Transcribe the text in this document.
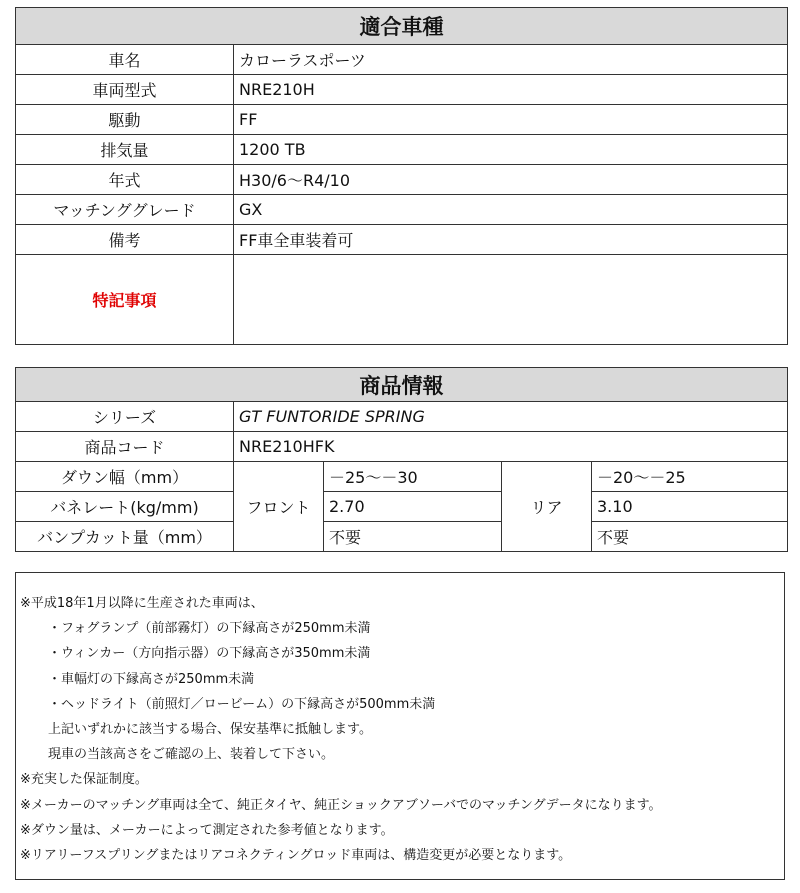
適合車種	
車名	カローラスポーツ
車両型式	NRE210H
駆動	FF
排気量	1200 TB
年式	H30/6～R4/10
マッチンググレード	GX
備考	FF車全車装着可
特記事項	
商品情報				
シリーズ	GT FUNTORIDE SPRING			
商品コード	NRE210HFK			
ダウン幅（mm）	フロント	－25～－30	リア	－20～－25
バネレート(kg/mm)		2.70		3.10
バンプカット量（mm）		不要		不要
※平成18年1月以降に生産された車両は、
・フォグランプ（前部霧灯）の下縁高さが250mm未満
・ウィンカー（方向指示器）の下縁高さが350mm未満
・車幅灯の下縁高さが250mm未満
・ヘッドライト（前照灯／ロービーム）の下縁高さが500mm未満
上記いずれかに該当する場合、保安基準に抵触します。
現車の当該高さをご確認の上、装着して下さい。
※充実した保証制度。
※メーカーのマッチング車両は全て、純正タイヤ、純正ショックアブソーバでのマッチングデータになります。
※ダウン量は、メーカーによって測定された参考値となります。
※リアリーフスプリングまたはリアコネクティングロッド車両は、構造変更が必要となります。
